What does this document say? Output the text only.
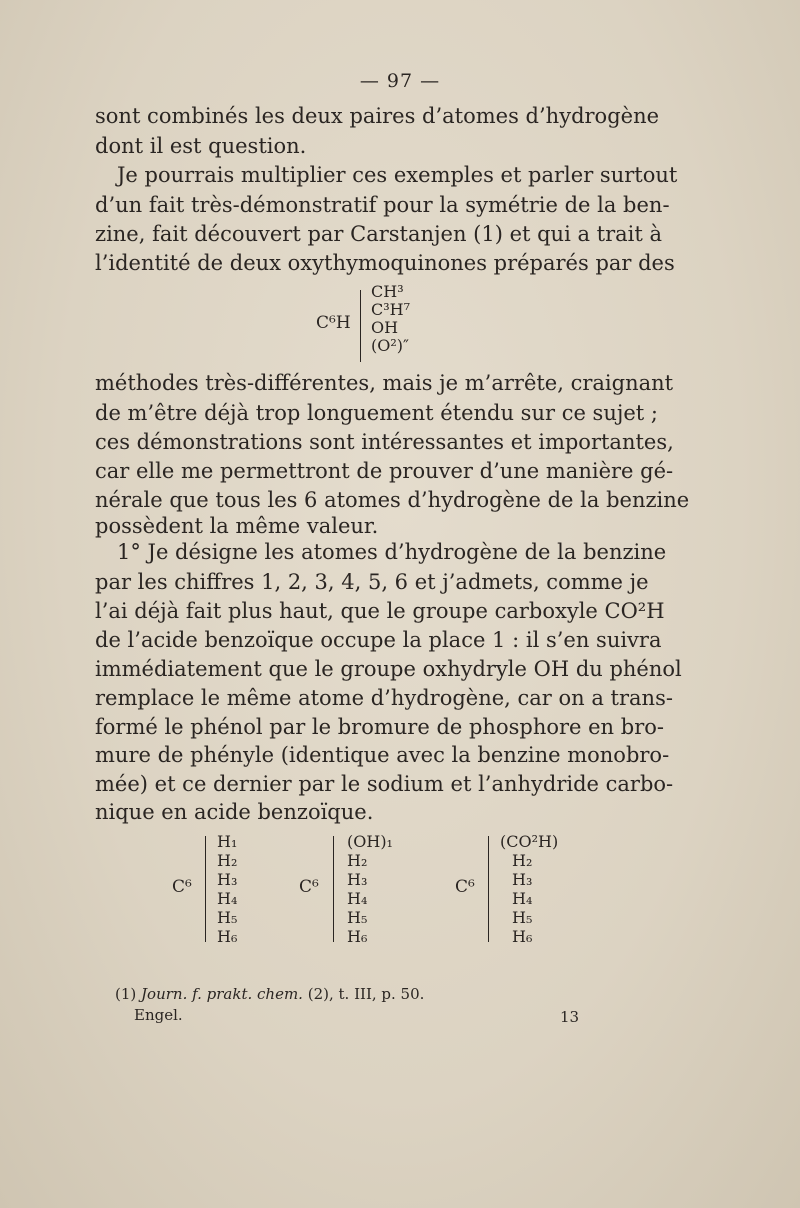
— 97 —
sont combinés les deux paires d’atomes d’hydrogène
dont il est question.
Je pourrais multiplier ces exemples et parler surtout
d’un fait très-démonstratif pour la symétrie de la ben-
zine, fait découvert par Carstanjen (1) et qui a trait à
l’identité de deux oxythymoquinones préparés par des
C⁶H
CH³
C³H⁷
OH
(O²)″
méthodes très-différentes, mais je m’arrête, craignant
de m’être déjà trop longuement étendu sur ce sujet ;
ces démonstrations sont intéressantes et importantes,
car elle me permettront de prouver d’une manière gé-
nérale que tous les 6 atomes d’hydrogène de la benzine
possèdent la même valeur.
1° Je désigne les atomes d’hydrogène de la benzine
par les chiffres 1, 2, 3, 4, 5, 6 et j’admets, comme je
l’ai déjà fait plus haut, que le groupe carboxyle CO²H
de l’acide benzoïque occupe la place 1 : il s’en suivra
immédiatement que le groupe oxhydryle OH du phénol
remplace le même atome d’hydrogène, car on a trans-
formé le phénol par le bromure de phosphore en bro-
mure de phényle (identique avec la benzine monobro-
mée) et ce dernier par le sodium et l’anhydride carbo-
nique en acide benzoïque.
C⁶
H₁
H₂
H₃
H₄
H₅
H₆
C⁶
(OH)₁
H₂
H₃
H₄
H₅
H₆
C⁶
(CO²H)
H₂
H₃
H₄
H₅
H₆
(1) Journ. f. prakt. chem. (2), t. III, p. 50.
Engel.	13
